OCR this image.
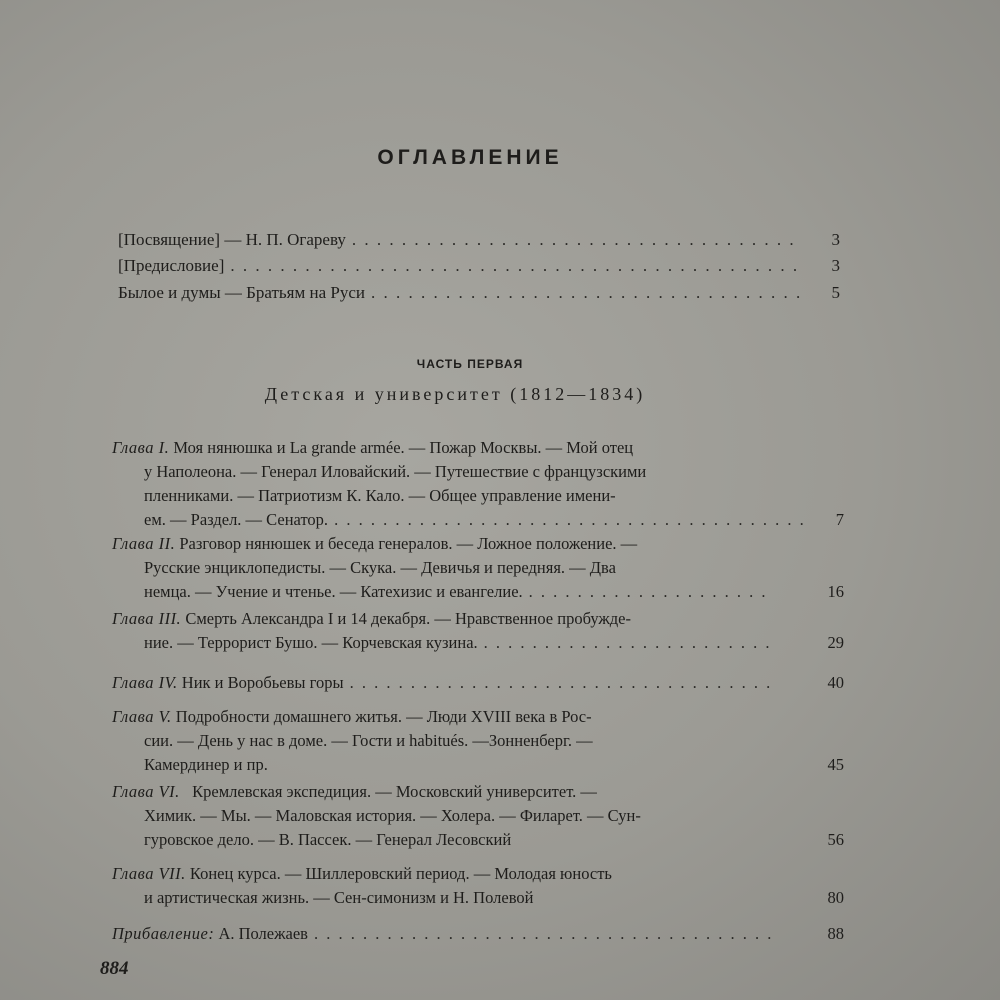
ОГЛАВЛЕНИЕ
[Посвящение] — Н. П. Огареву . . .	3
[Предисловие] . . .	3
Былое и думы — Братьям на Руси . . .	5
ЧАСТЬ ПЕРВАЯ
Детская и университет (1812—1834)
Глава I.
Моя нянюшка и La grande armée. — Пожар Москвы. — Мой отец
у Наполеона. — Генерал Иловайский. — Путешествие с французскими
пленниками. — Патриотизм К. Кало. — Общее управление имени-
ем. — Раздел. — Сенатор. . . .	7
Глава II.
Разговор нянюшек и беседа генералов. — Ложное положение. —
Русские энциклопедисты. — Скука. — Девичья и передняя. — Два
немца. — Учение и чтенье. — Катехизис и евангелие. . . .	16
Глава III.
Смерть Александра I и 14 декабря. — Нравственное пробужде-
ние. — Террорист Бушо. — Корчевская кузина. . . .	29
Глава IV.
Ник и Воробьевы горы . . .	40
Глава V.
Подробности домашнего житья. — Люди XVIII века в Рос-
сии. — День у нас в доме. — Гости и habitués. —Зонненберг. —
Камердинер и пр.	45
Глава VI.
Кремлевская экспедиция. — Московский университет. —
Химик. — Мы. — Маловская история. — Холера. — Филарет. — Сун-
гуровское дело. — В. Пассек. — Генерал Лесовский	56
Глава VII.
Конец курса. — Шиллеровский период. — Молодая юность
и артистическая жизнь. — Сен-симонизм и Н. Полевой	80
Прибавление:
А. Полежаев . . .	88
884
